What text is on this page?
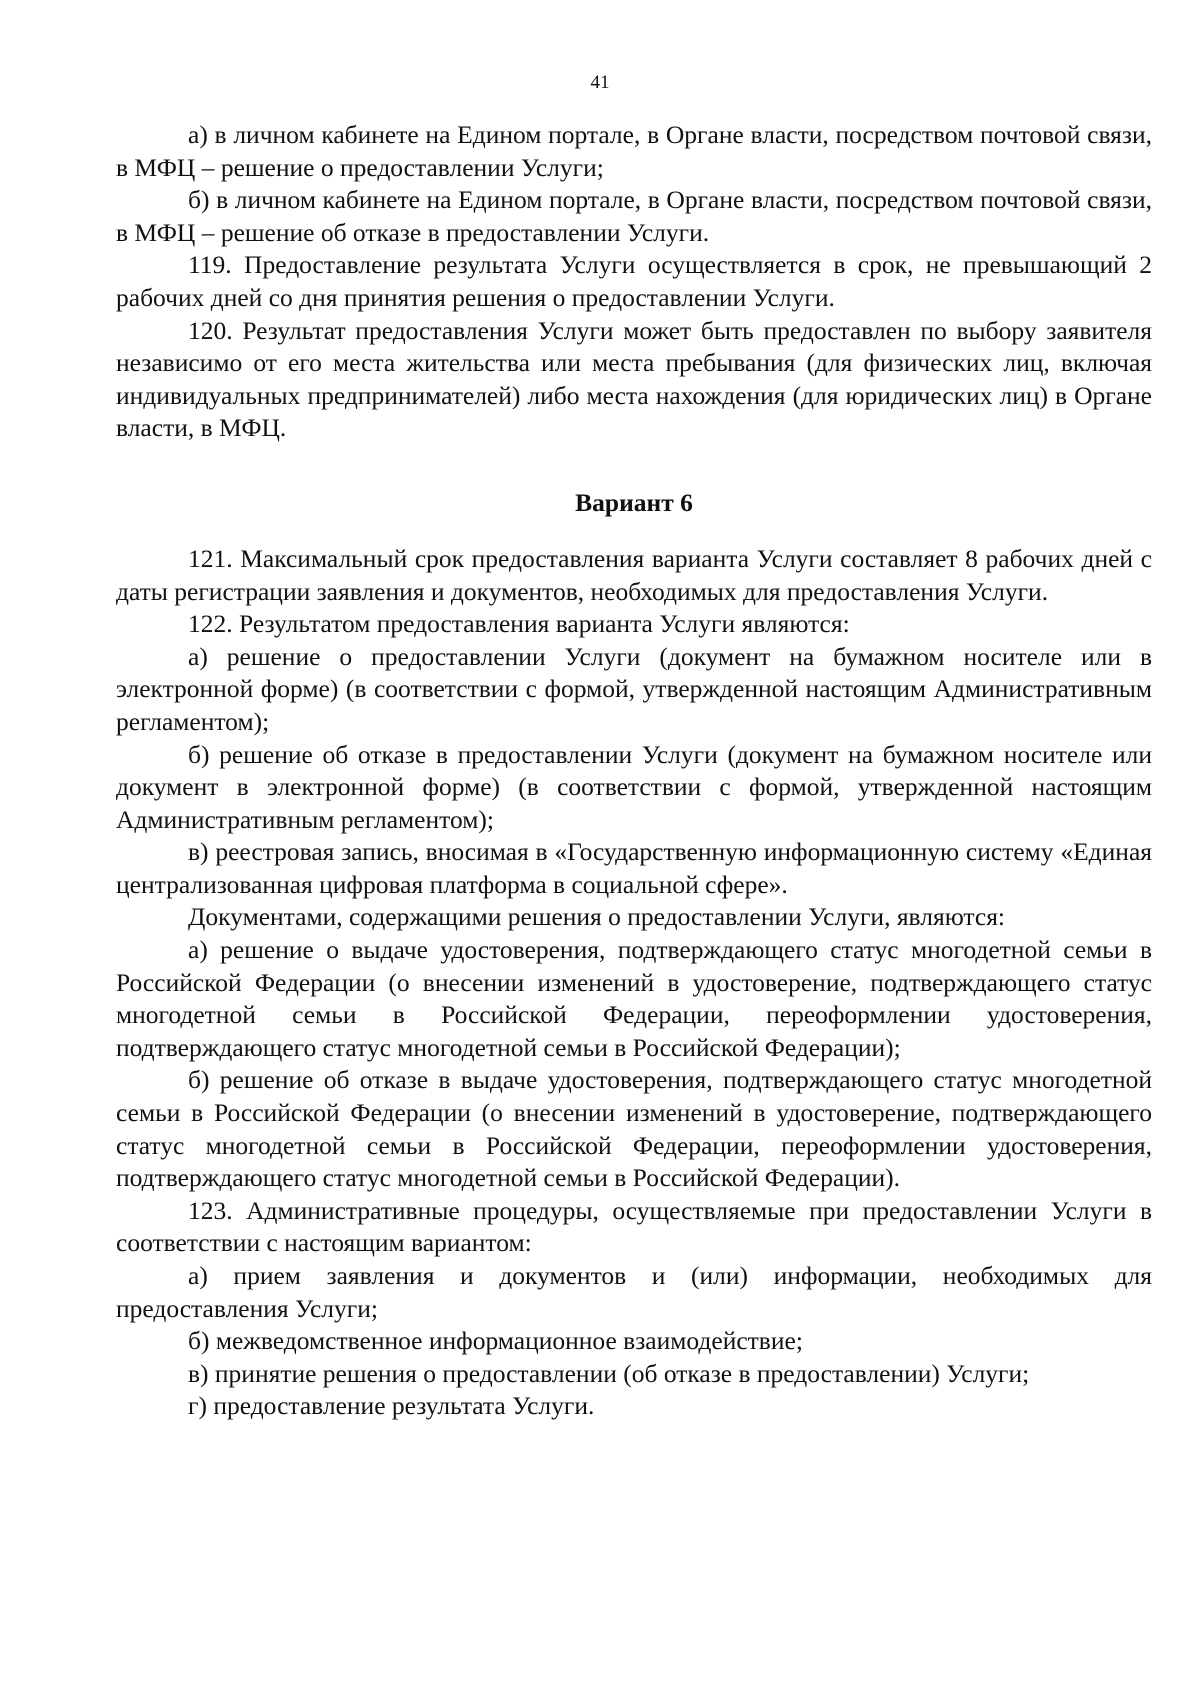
41

а) в личном кабинете на Едином портале, в Органе власти, посредством почтовой связи, в МФЦ – решение о предоставлении Услуги;

б) в личном кабинете на Едином портале, в Органе власти, посредством почтовой связи, в МФЦ – решение об отказе в предоставлении Услуги.

119. Предоставление результата Услуги осуществляется в срок, не превышающий 2 рабочих дней со дня принятия решения о предоставлении Услуги.

120. Результат предоставления Услуги может быть предоставлен по выбору заявителя независимо от его места жительства или места пребывания (для физических лиц, включая индивидуальных предпринимателей) либо места нахождения (для юридических лиц) в Органе власти, в МФЦ.

Вариант 6

121. Максимальный срок предоставления варианта Услуги составляет 8 рабочих дней с даты регистрации заявления и документов, необходимых для предоставления Услуги.

122. Результатом предоставления варианта Услуги являются:

а) решение о предоставлении Услуги (документ на бумажном носителе или в электронной форме) (в соответствии с формой, утвержденной настоящим Административным регламентом);

б) решение об отказе в предоставлении Услуги (документ на бумажном носителе или документ в электронной форме) (в соответствии с формой, утвержденной настоящим Административным регламентом);

в) реестровая запись, вносимая в «Государственную информационную систему «Единая централизованная цифровая платформа в социальной сфере».

Документами, содержащими решения о предоставлении Услуги, являются:

а) решение о выдаче удостоверения, подтверждающего статус многодетной семьи в Российской Федерации (о внесении изменений в удостоверение, подтверждающего статус многодетной семьи в Российской Федерации, переоформлении удостоверения, подтверждающего статус многодетной семьи в Российской Федерации);

б) решение об отказе в выдаче удостоверения, подтверждающего статус многодетной семьи в Российской Федерации (о внесении изменений в удостоверение, подтверждающего статус многодетной семьи в Российской Федерации, переоформлении удостоверения, подтверждающего статус многодетной семьи в Российской Федерации).

123. Административные процедуры, осуществляемые при предоставлении Услуги в соответствии с настоящим вариантом:

а) прием заявления и документов и (или) информации, необходимых для предоставления Услуги;

б) межведомственное информационное взаимодействие;

в) принятие решения о предоставлении (об отказе в предоставлении) Услуги;

г) предоставление результата Услуги.
